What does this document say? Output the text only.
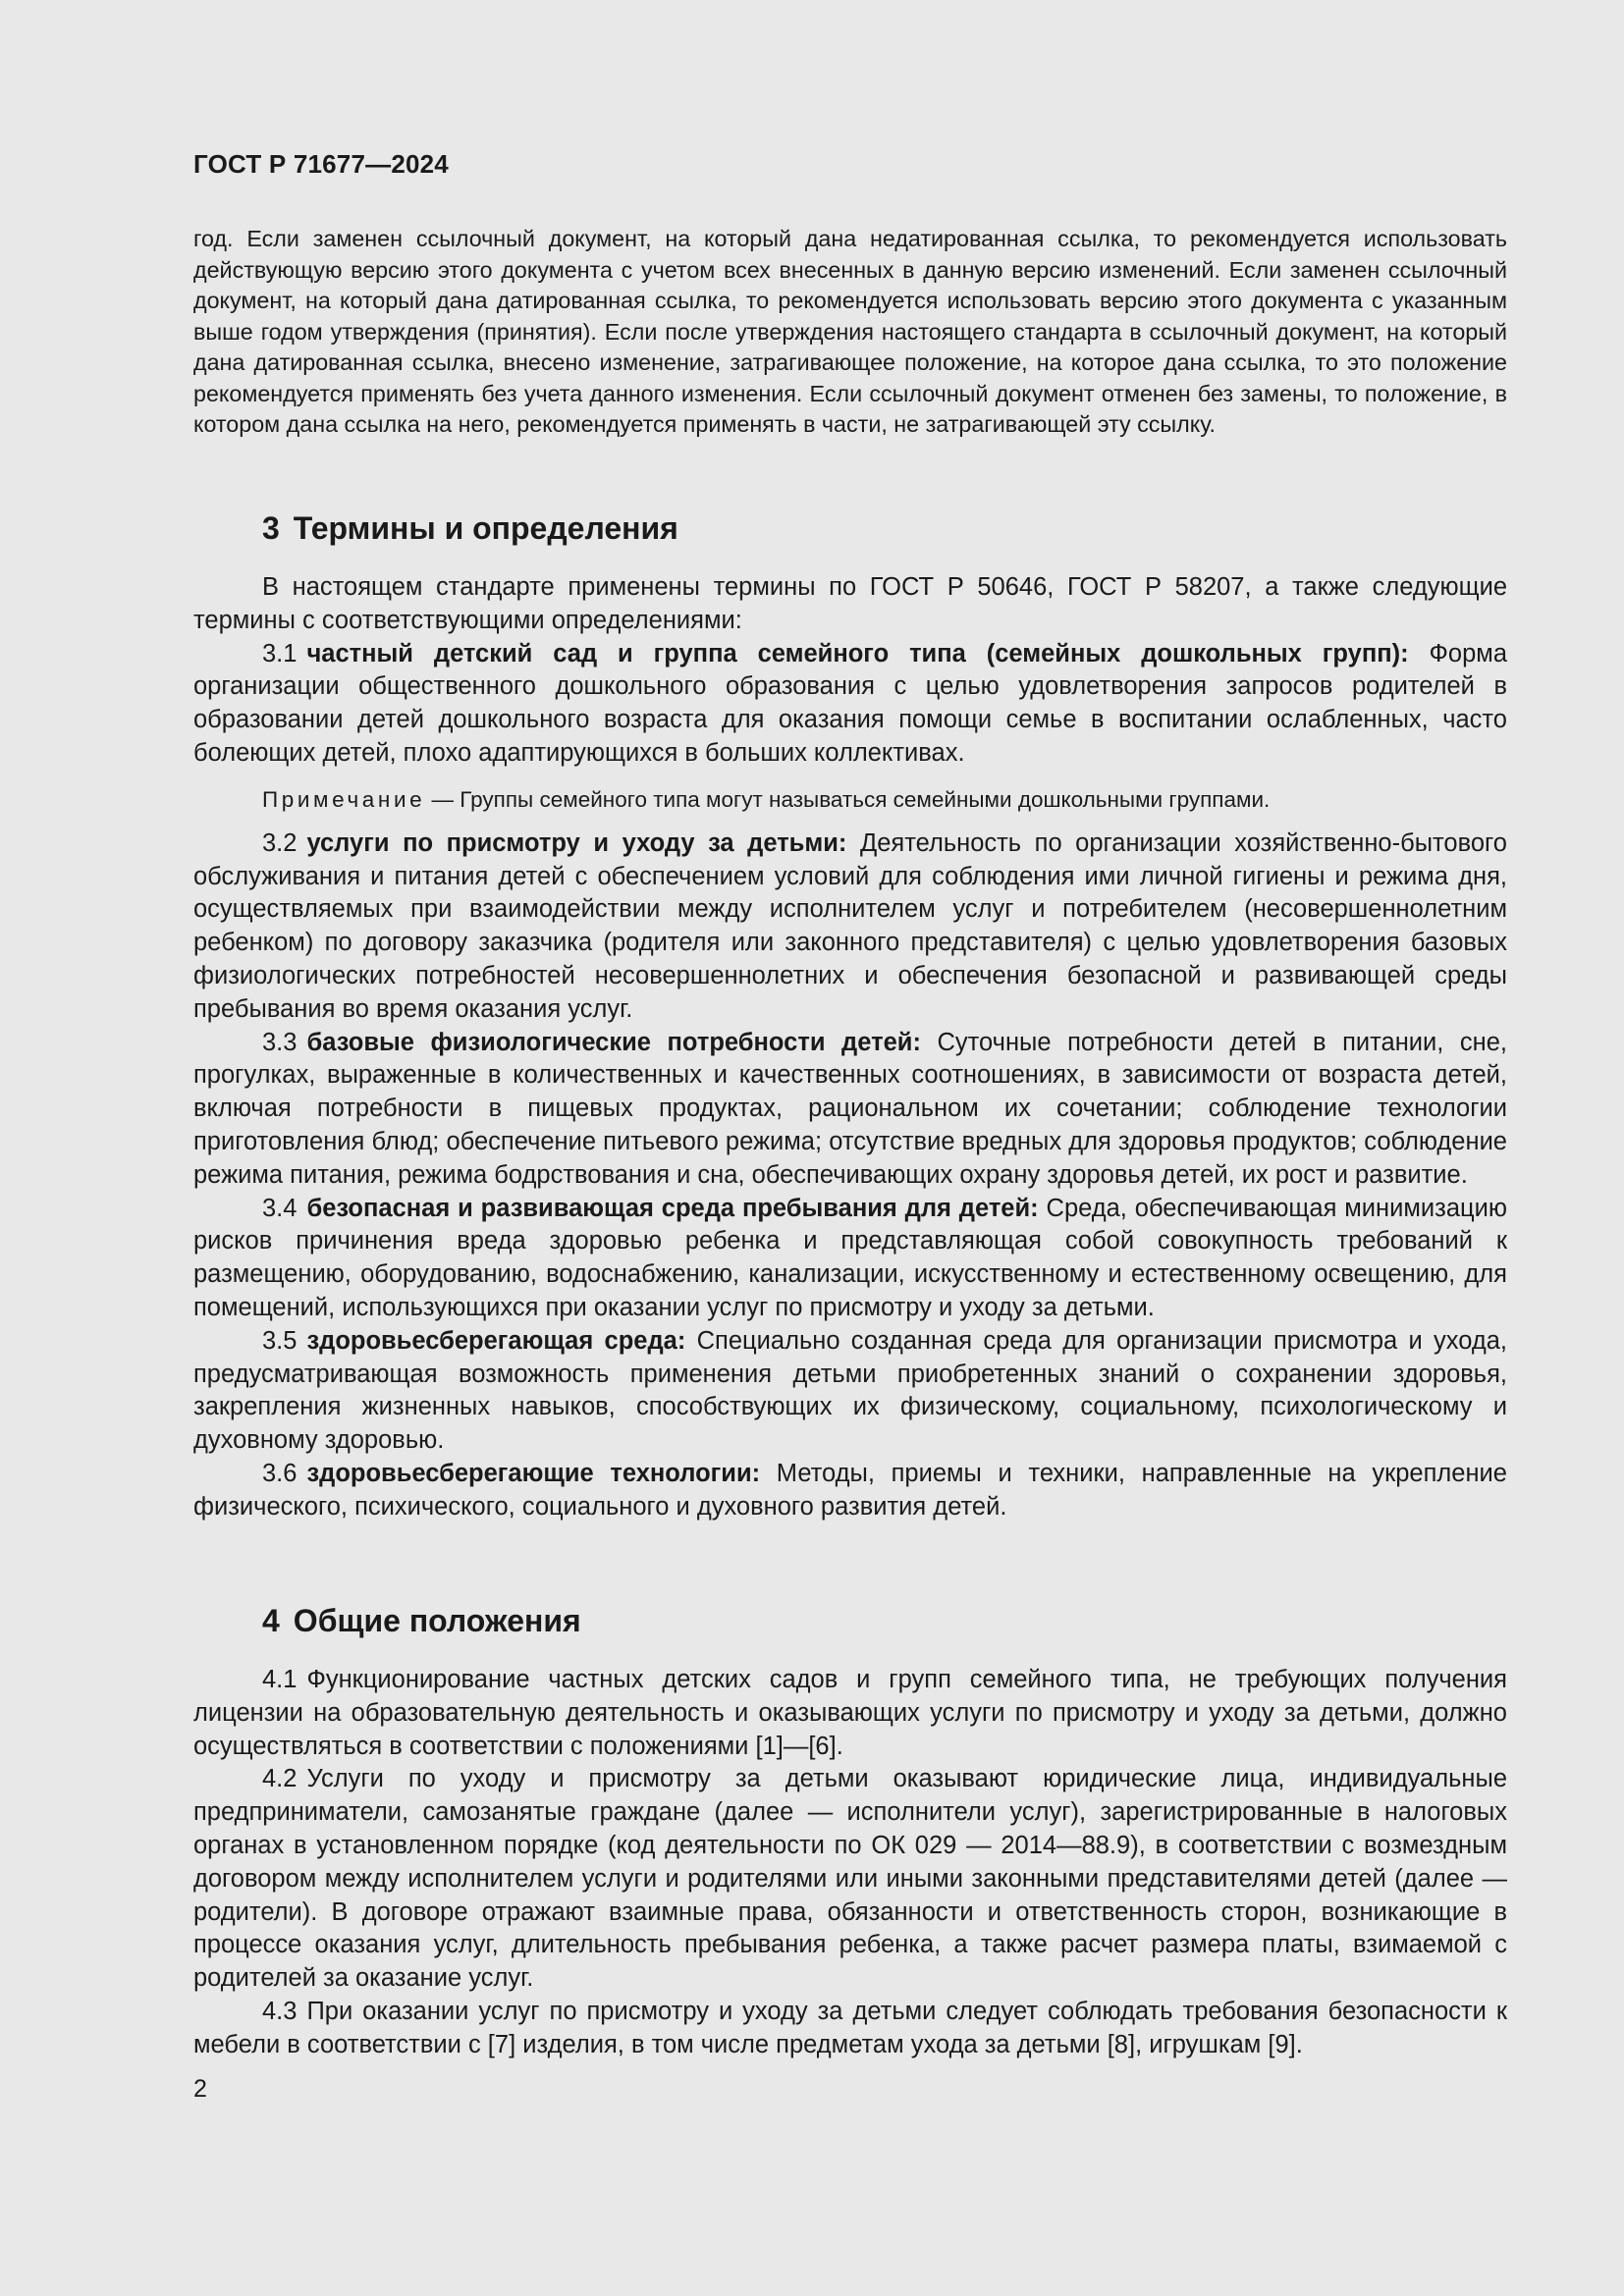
ГОСТ Р 71677—2024

год. Если заменен ссылочный документ, на который дана недатированная ссылка, то рекомендуется использовать действующую версию этого документа с учетом всех внесенных в данную версию изменений. Если заменен ссылочный документ, на который дана датированная ссылка, то рекомендуется использовать версию этого документа с указанным выше годом утверждения (принятия). Если после утверждения настоящего стандарта в ссылочный документ, на который дана датированная ссылка, внесено изменение, затрагивающее положение, на которое дана ссылка, то это положение рекомендуется применять без учета данного изменения. Если ссылочный документ отменен без замены, то положение, в котором дана ссылка на него, рекомендуется применять в части, не затрагивающей эту ссылку.

3 Термины и определения

В настоящем стандарте применены термины по ГОСТ Р 50646, ГОСТ Р 58207, а также следующие термины с соответствующими определениями:

3.1 частный детский сад и группа семейного типа (семейных дошкольных групп): Форма организации общественного дошкольного образования с целью удовлетворения запросов родителей в образовании детей дошкольного возраста для оказания помощи семье в воспитании ослабленных, часто болеющих детей, плохо адаптирующихся в больших коллективах.

Примечание — Группы семейного типа могут называться семейными дошкольными группами.

3.2 услуги по присмотру и уходу за детьми: Деятельность по организации хозяйственно-бытового обслуживания и питания детей с обеспечением условий для соблюдения ими личной гигиены и режима дня, осуществляемых при взаимодействии между исполнителем услуг и потребителем (несовершеннолетним ребенком) по договору заказчика (родителя или законного представителя) с целью удовлетворения базовых физиологических потребностей несовершеннолетних и обеспечения безопасной и развивающей среды пребывания во время оказания услуг.

3.3 базовые физиологические потребности детей: Суточные потребности детей в питании, сне, прогулках, выраженные в количественных и качественных соотношениях, в зависимости от возраста детей, включая потребности в пищевых продуктах, рациональном их сочетании; соблюдение технологии приготовления блюд; обеспечение питьевого режима; отсутствие вредных для здоровья продуктов; соблюдение режима питания, режима бодрствования и сна, обеспечивающих охрану здоровья детей, их рост и развитие.

3.4 безопасная и развивающая среда пребывания для детей: Среда, обеспечивающая минимизацию рисков причинения вреда здоровью ребенка и представляющая собой совокупность требований к размещению, оборудованию, водоснабжению, канализации, искусственному и естественному освещению, для помещений, использующихся при оказании услуг по присмотру и уходу за детьми.

3.5 здоровьесберегающая среда: Специально созданная среда для организации присмотра и ухода, предусматривающая возможность применения детьми приобретенных знаний о сохранении здоровья, закрепления жизненных навыков, способствующих их физическому, социальному, психологическому и духовному здоровью.

3.6 здоровьесберегающие технологии: Методы, приемы и техники, направленные на укрепление физического, психического, социального и духовного развития детей.

4 Общие положения

4.1 Функционирование частных детских садов и групп семейного типа, не требующих получения лицензии на образовательную деятельность и оказывающих услуги по присмотру и уходу за детьми, должно осуществляться в соответствии с положениями [1]—[6].

4.2 Услуги по уходу и присмотру за детьми оказывают юридические лица, индивидуальные предприниматели, самозанятые граждане (далее — исполнители услуг), зарегистрированные в налоговых органах в установленном порядке (код деятельности по ОК 029 — 2014—88.9), в соответствии с возмездным договором между исполнителем услуги и родителями или иными законными представителями детей (далее — родители). В договоре отражают взаимные права, обязанности и ответственность сторон, возникающие в процессе оказания услуг, длительность пребывания ребенка, а также расчет размера платы, взимаемой с родителей за оказание услуг.

4.3 При оказании услуг по присмотру и уходу за детьми следует соблюдать требования безопасности к мебели в соответствии с [7] изделия, в том числе предметам ухода за детьми [8], игрушкам [9].

2
